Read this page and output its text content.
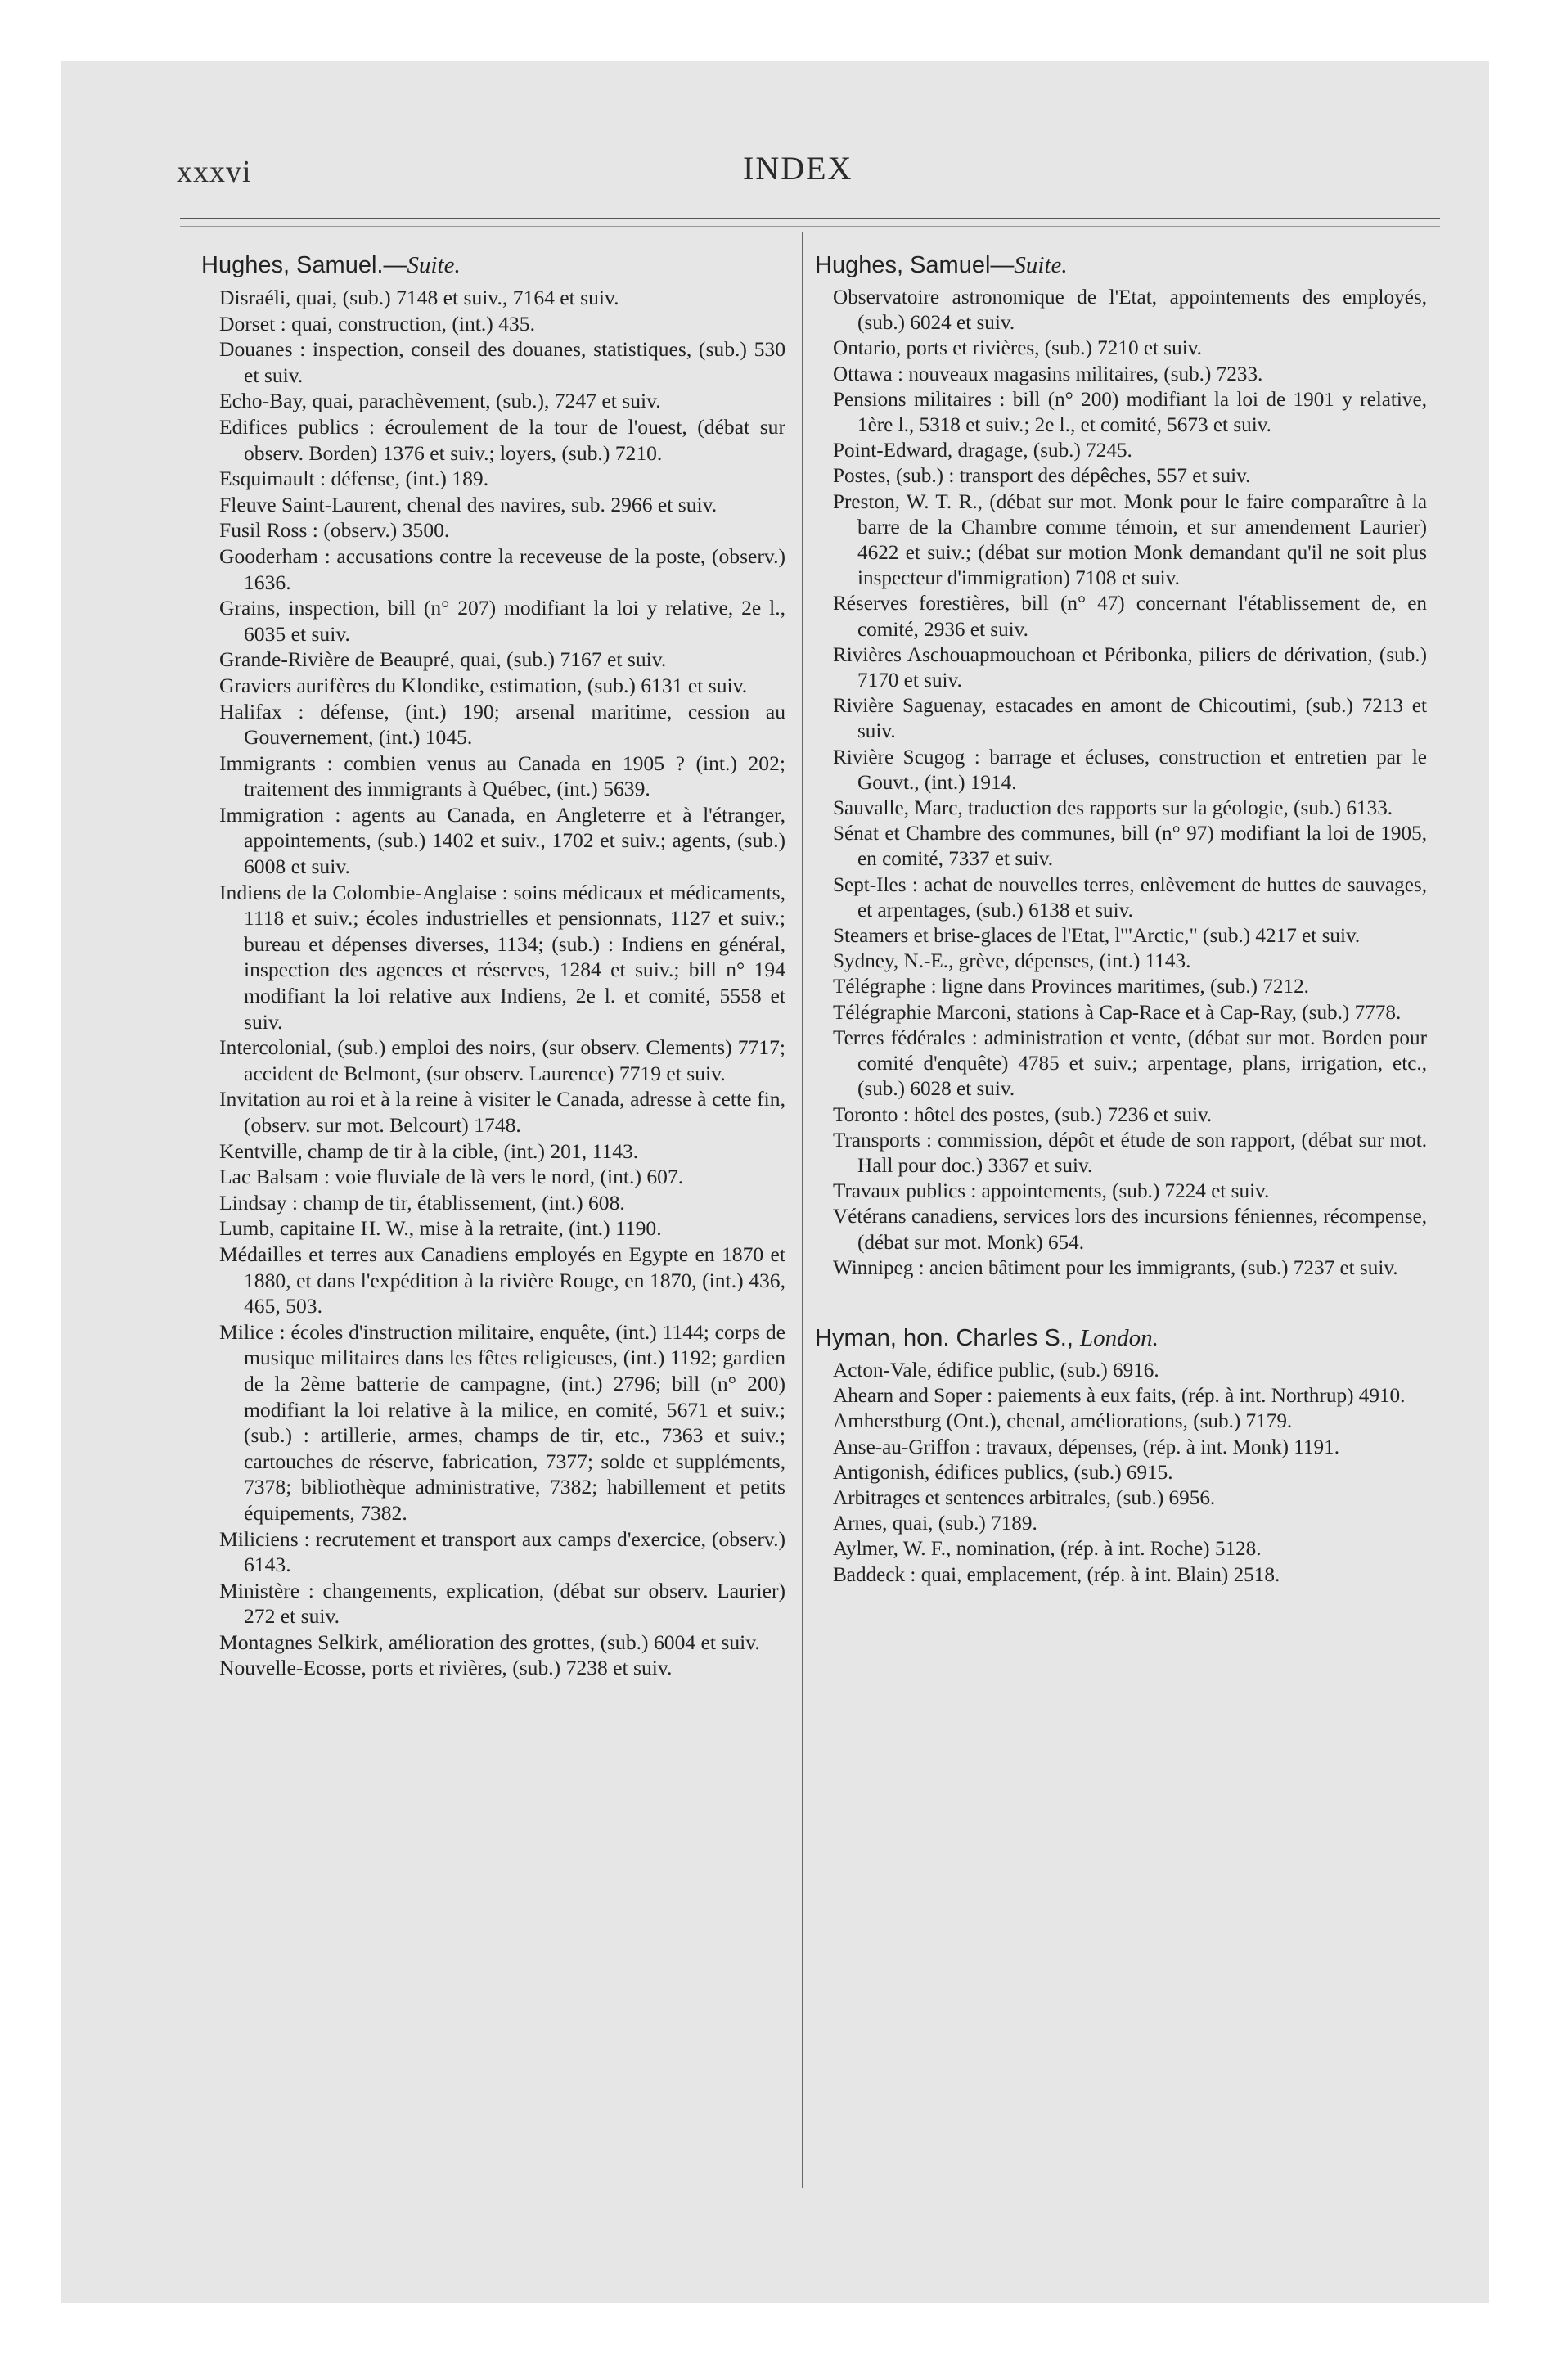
xxxvi	INDEX
Hughes, Samuel.—Suite.

Disraéli, quai, (sub.) 7148 et suiv., 7164 et suiv.

Dorset : quai, construction, (int.) 435.

Douanes : inspection, conseil des douanes, statistiques, (sub.) 530 et suiv.

Echo-Bay, quai, parachèvement, (sub.), 7247 et suiv.

Edifices publics : écroulement de la tour de l'ouest, (débat sur observ. Borden) 1376 et suiv.; loyers, (sub.) 7210.

Esquimault : défense, (int.) 189.

Fleuve Saint-Laurent, chenal des navires, sub. 2966 et suiv.

Fusil Ross : (observ.) 3500.

Gooderham : accusations contre la receveuse de la poste, (observ.) 1636.

Grains, inspection, bill (n° 207) modifiant la loi y relative, 2e l., 6035 et suiv.

Grande-Rivière de Beaupré, quai, (sub.) 7167 et suiv.

Graviers aurifères du Klondike, estimation, (sub.) 6131 et suiv.

Halifax : défense, (int.) 190; arsenal maritime, cession au Gouvernement, (int.) 1045.

Immigrants : combien venus au Canada en 1905 ? (int.) 202; traitement des immigrants à Québec, (int.) 5639.

Immigration : agents au Canada, en Angleterre et à l'étranger, appointements, (sub.) 1402 et suiv., 1702 et suiv.; agents, (sub.) 6008 et suiv.

Indiens de la Colombie-Anglaise : soins médicaux et médicaments, 1118 et suiv.; écoles industrielles et pensionnats, 1127 et suiv.; bureau et dépenses diverses, 1134; (sub.) : Indiens en général, inspection des agences et réserves, 1284 et suiv.; bill n° 194 modifiant la loi relative aux Indiens, 2e l. et comité, 5558 et suiv.

Intercolonial, (sub.) emploi des noirs, (sur observ. Clements) 7717; accident de Belmont, (sur observ. Laurence) 7719 et suiv.

Invitation au roi et à la reine à visiter le Canada, adresse à cette fin, (observ. sur mot. Belcourt) 1748.

Kentville, champ de tir à la cible, (int.) 201, 1143.

Lac Balsam : voie fluviale de là vers le nord, (int.) 607.

Lindsay : champ de tir, établissement, (int.) 608.

Lumb, capitaine H. W., mise à la retraite, (int.) 1190.

Médailles et terres aux Canadiens employés en Egypte en 1870 et 1880, et dans l'expédition à la rivière Rouge, en 1870, (int.) 436, 465, 503.

Milice : écoles d'instruction militaire, enquête, (int.) 1144; corps de musique militaires dans les fêtes religieuses, (int.) 1192; gardien de la 2ème batterie de campagne, (int.) 2796; bill (n° 200) modifiant la loi relative à la milice, en comité, 5671 et suiv.; (sub.) : artillerie, armes, champs de tir, etc., 7363 et suiv.; cartouches de réserve, fabrication, 7377; solde et suppléments, 7378; bibliothèque administrative, 7382; habillement et petits équipements, 7382.

Miliciens : recrutement et transport aux camps d'exercice, (observ.) 6143.

Ministère : changements, explication, (débat sur observ. Laurier) 272 et suiv.

Montagnes Selkirk, amélioration des grottes, (sub.) 6004 et suiv.

Nouvelle-Ecosse, ports et rivières, (sub.) 7238 et suiv.

Hughes, Samuel—Suite.

Observatoire astronomique de l'Etat, appointements des employés, (sub.) 6024 et suiv.

Ontario, ports et rivières, (sub.) 7210 et suiv.

Ottawa : nouveaux magasins militaires, (sub.) 7233.

Pensions militaires : bill (n° 200) modifiant la loi de 1901 y relative, 1ère l., 5318 et suiv.; 2e l., et comité, 5673 et suiv.

Point-Edward, dragage, (sub.) 7245.

Postes, (sub.) : transport des dépêches, 557 et suiv.

Preston, W. T. R., (débat sur mot. Monk pour le faire comparaître à la barre de la Chambre comme témoin, et sur amendement Laurier) 4622 et suiv.; (débat sur motion Monk demandant qu'il ne soit plus inspecteur d'immigration) 7108 et suiv.

Réserves forestières, bill (n° 47) concernant l'établissement de, en comité, 2936 et suiv.

Rivières Aschouapmouchoan et Péribonka, piliers de dérivation, (sub.) 7170 et suiv.

Rivière Saguenay, estacades en amont de Chicoutimi, (sub.) 7213 et suiv.

Rivière Scugog : barrage et écluses, construction et entretien par le Gouvt., (int.) 1914.

Sauvalle, Marc, traduction des rapports sur la géologie, (sub.) 6133.

Sénat et Chambre des communes, bill (n° 97) modifiant la loi de 1905, en comité, 7337 et suiv.

Sept-Iles : achat de nouvelles terres, enlèvement de huttes de sauvages, et arpentages, (sub.) 6138 et suiv.

Steamers et brise-glaces de l'Etat, l'"Arctic," (sub.) 4217 et suiv.

Sydney, N.-E., grève, dépenses, (int.) 1143.

Télégraphe : ligne dans Provinces maritimes, (sub.) 7212.

Télégraphie Marconi, stations à Cap-Race et à Cap-Ray, (sub.) 7778.

Terres fédérales : administration et vente, (débat sur mot. Borden pour comité d'enquête) 4785 et suiv.; arpentage, plans, irrigation, etc., (sub.) 6028 et suiv.

Toronto : hôtel des postes, (sub.) 7236 et suiv.

Transports : commission, dépôt et étude de son rapport, (débat sur mot. Hall pour doc.) 3367 et suiv.

Travaux publics : appointements, (sub.) 7224 et suiv.

Vétérans canadiens, services lors des incursions féniennes, récompense, (débat sur mot. Monk) 654.

Winnipeg : ancien bâtiment pour les immigrants, (sub.) 7237 et suiv.

Hyman, hon. Charles S., London.

Acton-Vale, édifice public, (sub.) 6916.

Ahearn and Soper : paiements à eux faits, (rép. à int. Northrup) 4910.

Amherstburg (Ont.), chenal, améliorations, (sub.) 7179.

Anse-au-Griffon : travaux, dépenses, (rép. à int. Monk) 1191.

Antigonish, édifices publics, (sub.) 6915.

Arbitrages et sentences arbitrales, (sub.) 6956.

Arnes, quai, (sub.) 7189.

Aylmer, W. F., nomination, (rép. à int. Roche) 5128.

Baddeck : quai, emplacement, (rép. à int. Blain) 2518.
